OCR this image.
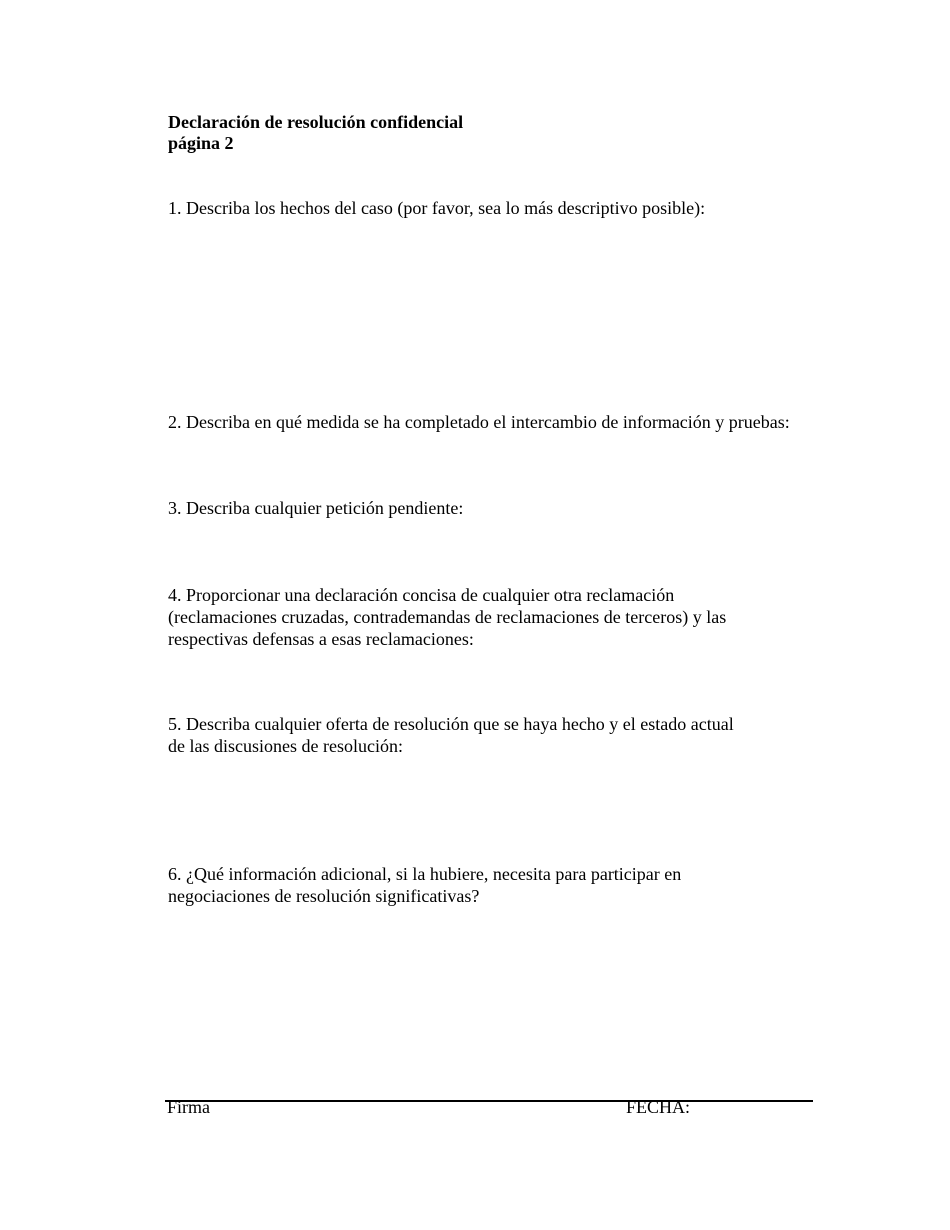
Declaración de resolución confidencial
página 2
1. Describa los hechos del caso (por favor, sea lo más descriptivo posible):
2. Describa en qué medida se ha completado el intercambio de información y pruebas:
3. Describa cualquier petición pendiente:
4. Proporcionar una declaración concisa de cualquier otra reclamación
(reclamaciones cruzadas, contrademandas de reclamaciones de terceros) y las
respectivas defensas a esas reclamaciones:
5. Describa cualquier oferta de resolución que se haya hecho y el estado actual
de las discusiones de resolución:
6. ¿Qué información adicional, si la hubiere, necesita para participar en
negociaciones de resolución significativas?
Firma	FECHA:
